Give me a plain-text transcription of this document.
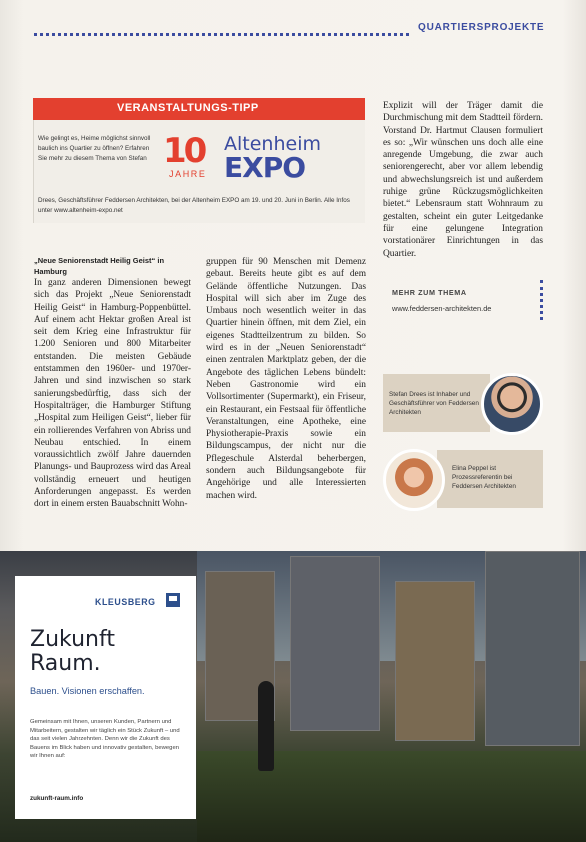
QUARTIERSPROJEKTE
VERANSTALTUNGS-TIPP
Wie gelingt es, Heime möglichst sinnvoll baulich ins Quartier zu öffnen? Erfahren Sie mehr zu diesem Thema von Stefan
Drees, Geschäftsführer Feddersen Architekten, bei der Altenheim EXPO am 19. und 20. Juni in Berlin. Alle Infos unter www.altenheim-expo.net
10
JAHRE
Altenheim
EXPO
„Neue Seniorenstadt Heilig Geist“ in Hamburg

In ganz anderen Dimensionen bewegt sich das Projekt „Neue Seniorenstadt Heilig Geist“ in Hamburg-Poppenbüttel. Auf einem acht Hektar großen Areal ist seit dem Krieg eine Infrastruktur für 1.200 Senioren und 800 Mitarbeiter entstanden. Die meisten Gebäude entstammen den 1960er- und 1970er-Jahren und sind inzwischen so stark sanierungsbedürftig, dass sich der Hospitalträger, die Hamburger Stiftung „Hospital zum Heiligen Geist“, lieber für ein rollierendes Verfahren von Abriss und Neubau entschied. In einem voraussichtlich zwölf Jahre dauernden Planungs- und Bauprozess wird das Areal vollständig erneuert und heutigen Anforderungen angepasst. Es werden dort in einem ersten Bauabschnitt Wohn-

gruppen für 90 Menschen mit Demenz gebaut. Bereits heute gibt es auf dem Gelände öffentliche Nutzungen. Das Hospital will sich aber im Zuge des Umbaus noch wesentlich weiter in das Quartier hinein öffnen, mit dem Ziel, ein eigenes Stadtteilzentrum zu bilden. So wird es in der „Neuen Seniorenstadt“ einen zentralen Marktplatz geben, der die Angebote des täglichen Lebens bündelt: Neben Gastronomie wird ein Vollsortimenter (Supermarkt), ein Friseur, ein Restaurant, ein Festsaal für öffentliche Veranstaltungen, eine Apotheke, eine Physiotherapie-Praxis sowie ein Bildungscampus, der nicht nur die Pflegeschule Alsterdal beherbergen, sondern auch Bildungsangebote für Angehörige und alle Interessierten machen wird.

Explizit will der Träger damit die Durchmischung mit dem Stadtteil fördern. Vorstand Dr. Hartmut Clausen formuliert es so: „Wir wünschen uns doch alle eine anregende Umgebung, die zwar auch seniorengerecht, aber vor allem lebendig und abwechslungsreich ist und außerdem ruhige grüne Rückzugsmöglichkeiten bietet.“ Lebensraum statt Wohnraum zu gestalten, scheint ein guter Leitgedanke für eine gelungene Integration vorstationärer Einrichtungen in das Quartier.

MEHR ZUM THEMA
www.feddersen-architekten.de
Stefan Drees ist Inhaber und Geschäftsführer von Feddersen Architekten
Elina Peppel ist Prozessreferentin bei Feddersen Architekten
KLEUSBERG
Zukunft
Raum.
Bauen. Visionen erschaffen.
Gemeinsam mit Ihnen, unseren Kunden, Partnern und Mitarbeitern, gestalten wir täglich ein Stück Zukunft – und das seit vielen Jahrzehnten. Denn wir die Zukunft des Bauens im Blick haben und innovativ gestalten, bewegen wir Ihnen auf:
zukunft-raum.info
